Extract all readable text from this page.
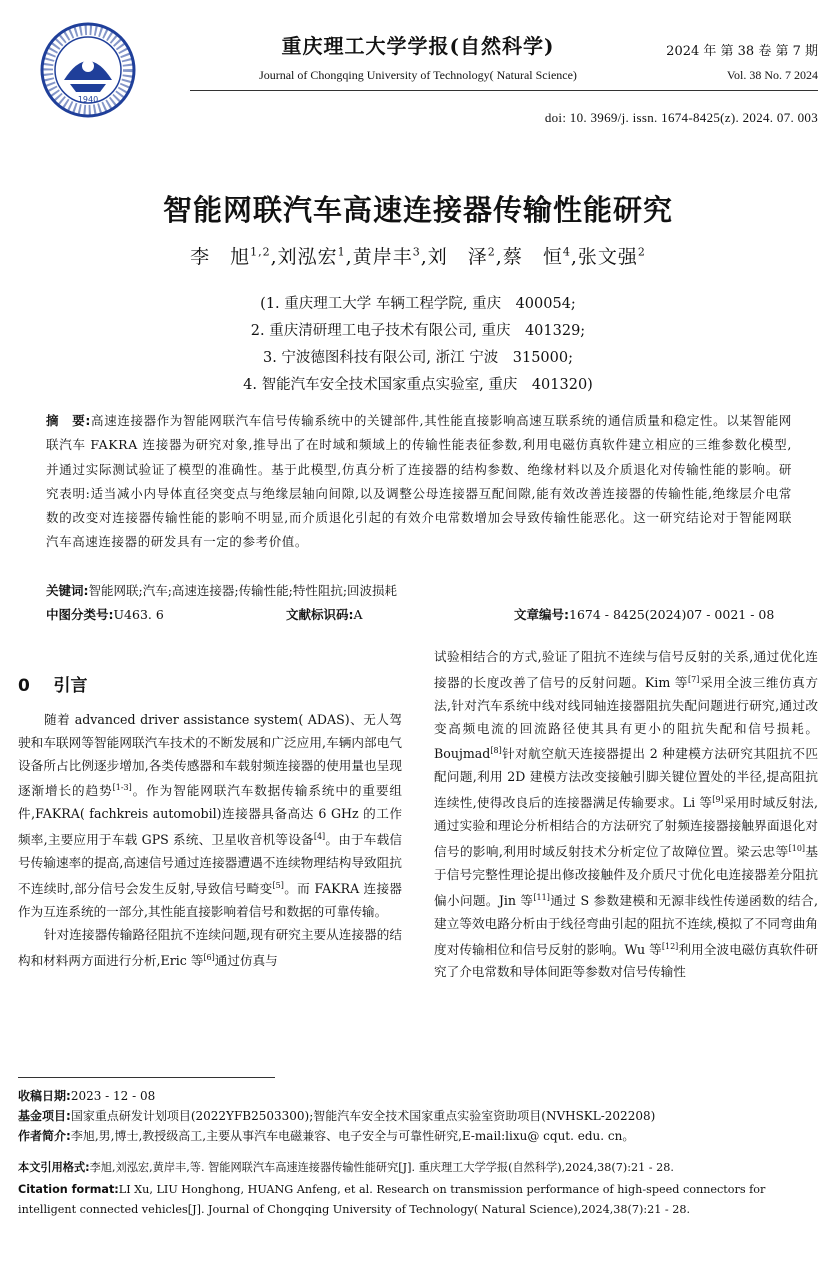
1940
重庆理工大学学报(自然科学)
Journal of Chongqing University of Technology( Natural Science)
2024 年 第 38 卷 第 7 期
Vol. 38 No. 7 2024
doi: 10. 3969/j. issn. 1674-8425(z). 2024. 07. 003
智能网联汽车高速连接器传输性能研究
李　旭$^{1,2}$,刘泓宏$^1$,黄岸丰$^3$,刘　泽$^2$,蔡　恒$^4$,张文强$^2$
(1. 重庆理工大学 车辆工程学院, 重庆　400054;
2. 重庆清研理工电子技术有限公司, 重庆　401329;
3. 宁波德图科技有限公司, 浙江 宁波　315000;
4. 智能汽车安全技术国家重点实验室, 重庆　401320)
摘　要:高速连接器作为智能网联汽车信号传输系统中的关键部件,其性能直接影响高速互联系统的通信质量和稳定性。以某智能网联汽车 FAKRA 连接器为研究对象,推导出了在时域和频域上的传输性能表征参数,利用电磁仿真软件建立相应的三维参数化模型,并通过实际测试验证了模型的准确性。基于此模型,仿真分析了连接器的结构参数、绝缘材料以及介质退化对传输性能的影响。研究表明:适当减小内导体直径突变点与绝缘层轴向间隙,以及调整公母连接器互配间隙,能有效改善连接器的传输性能,绝缘层介电常数的改变对连接器传输性能的影响不明显,而介质退化引起的有效介电常数增加会导致传输性能恶化。这一研究结论对于智能网联汽车高速连接器的研发具有一定的参考价值。
关键词:智能网联;汽车;高速连接器;传输性能;特性阻抗;回波损耗
中图分类号:U463. 6	文献标识码:A	文章编号:1674 - 8425(2024)07 - 0021 - 08
0 引言

随着 advanced driver assistance system( ADAS)、无人驾驶和车联网等智能网联汽车技术的不断发展和广泛应用,车辆内部电气设备所占比例逐步增加,各类传感器和车载射频连接器的使用量也呈现逐渐增长的趋势[1-3]。作为智能网联汽车数据传输系统中的重要组件,FAKRA( fachkreis automobil)连接器具备高达 6 GHz 的工作频率,主要应用于车载 GPS 系统、卫星收音机等设备[4]。由于车载信号传输速率的提高,高速信号通过连接器遭遇不连续物理结构导致阻抗不连续时,部分信号会发生反射,导致信号畸变[5]。而 FAKRA 连接器作为互连系统的一部分,其性能直接影响着信号和数据的可靠传输。

针对连接器传输路径阻抗不连续问题,现有研究主要从连接器的结构和材料两方面进行分析,Eric 等[6]通过仿真与

试验相结合的方式,验证了阻抗不连续与信号反射的关系,通过优化连接器的长度改善了信号的反射问题。Kim 等[7]采用全波三维仿真方法,针对汽车系统中线对线同轴连接器阻抗失配问题进行研究,通过改变高频电流的回流路径使其具有更小的阻抗失配和信号损耗。Boujmad[8]针对航空航天连接器提出 2 种建模方法研究其阻抗不匹配问题,利用 2D 建模方法改变接触引脚关键位置处的半径,提高阻抗连续性,使得改良后的连接器满足传输要求。Li 等[9]采用时域反射法,通过实验和理论分析相结合的方法研究了射频连接器接触界面退化对信号的影响,利用时域反射技术分析定位了故障位置。梁云忠等[10]基于信号完整性理论提出修改接触件及介质尺寸优化电连接器差分阻抗偏小问题。Jin 等[11]通过 S 参数建模和无源非线性传递函数的结合,建立等效电路分析由于线径弯曲引起的阻抗不连续,模拟了不同弯曲角度对传输相位和信号反射的影响。Wu 等[12]利用全波电磁仿真软件研究了介电常数和导体间距等参数对信号传输性

收稿日期:2023 - 12 - 08
基金项目:国家重点研发计划项目(2022YFB2503300);智能汽车安全技术国家重点实验室资助项目(NVHSKL-202208)
作者简介:李旭,男,博士,教授级高工,主要从事汽车电磁兼容、电子安全与可靠性研究,E-mail:lixu@ cqut. edu. cn。
本文引用格式:李旭,刘泓宏,黄岸丰,等. 智能网联汽车高速连接器传输性能研究[J]. 重庆理工大学学报(自然科学),2024,38(7):21 - 28.
Citation format:LI Xu, LIU Honghong, HUANG Anfeng, et al. Research on transmission performance of high-speed connectors for intelligent connected vehicles[J]. Journal of Chongqing University of Technology( Natural Science),2024,38(7):21 - 28.
